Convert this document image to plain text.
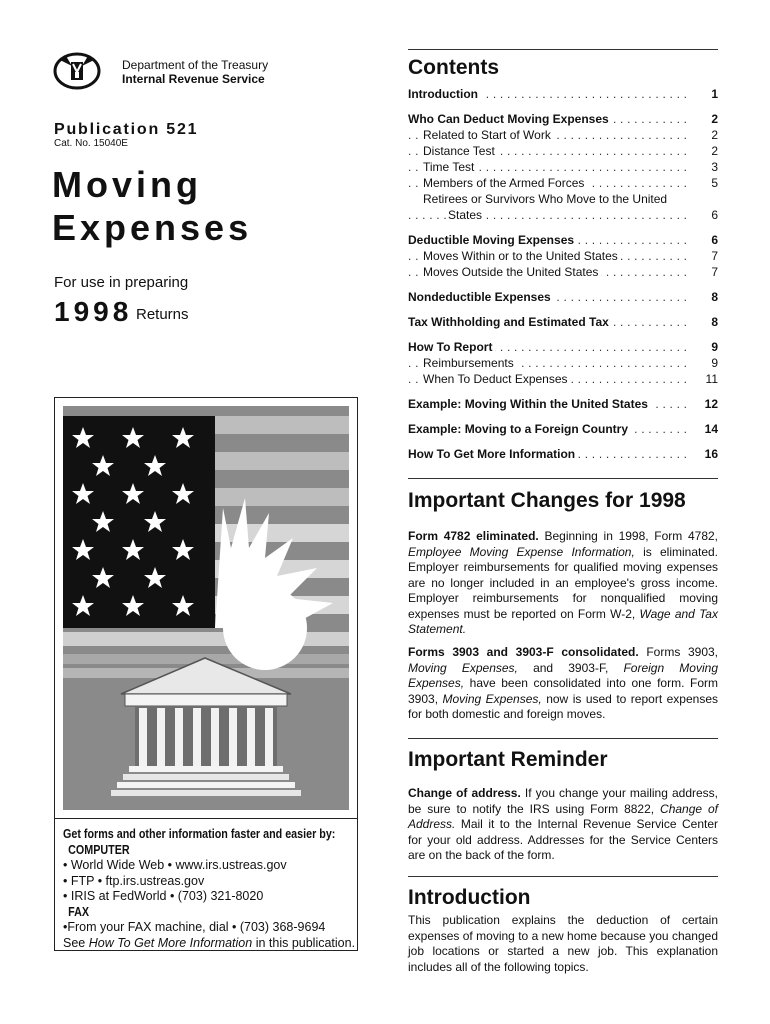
Department of the Treasury
Internal Revenue Service
Publication 521
Cat. No. 15040E
Moving
Expenses
For use in preparing
1998 Returns
Get forms and other information faster and easier by:
COMPUTER
• World Wide Web • www.irs.ustreas.gov
• FTP • ftp.irs.ustreas.gov
• IRIS at FedWorld • (703) 321-8020
FAX
•From your FAX machine, dial • (703) 368-9694
See How To Get More Information in this publication.
Contents
. . .
Introduction	1
. . .
Who Can Deduct Moving Expenses	2
. . .
Related to Start of Work	2
. . .
Distance Test	2
. . .
Time Test	3
. . .
Members of the Armed Forces	5
Retirees or Survivors Who Move to the United
. . .
States	6
. . .
Deductible Moving Expenses	6
. . .
Moves Within or to the United States	7
. . .
Moves Outside the United States	7
. . .
Nondeductible Expenses	8
. . .
Tax Withholding and Estimated Tax	8
. . .
How To Report	9
. . .
Reimbursements	9
. . .
When To Deduct Expenses	11
. . .
Example: Moving Within the United States	12
. . .
Example: Moving to a Foreign Country	14
. . .
How To Get More Information	16
Important Changes for 1998
Form 4782 eliminated. Beginning in 1998, Form 4782, Employee Moving Expense Information, is eliminated. Employer reimbursements for qualified moving expenses are no longer included in an employee's gross income. Employer reimbursements for nonqualified moving expenses must be reported on Form W-2, Wage and Tax Statement.
Forms 3903 and 3903-F consolidated. Forms 3903, Moving Expenses, and 3903-F, Foreign Moving Expenses, have been consolidated into one form. Form 3903, Moving Expenses, now is used to report expenses for both domestic and foreign moves.
Important Reminder
Change of address. If you change your mailing address, be sure to notify the IRS using Form 8822, Change of Address. Mail it to the Internal Revenue Service Center for your old address. Addresses for the Service Centers are on the back of the form.
Introduction
This publication explains the deduction of certain expenses of moving to a new home because you changed job locations or started a new job. This explanation includes all of the following topics.
